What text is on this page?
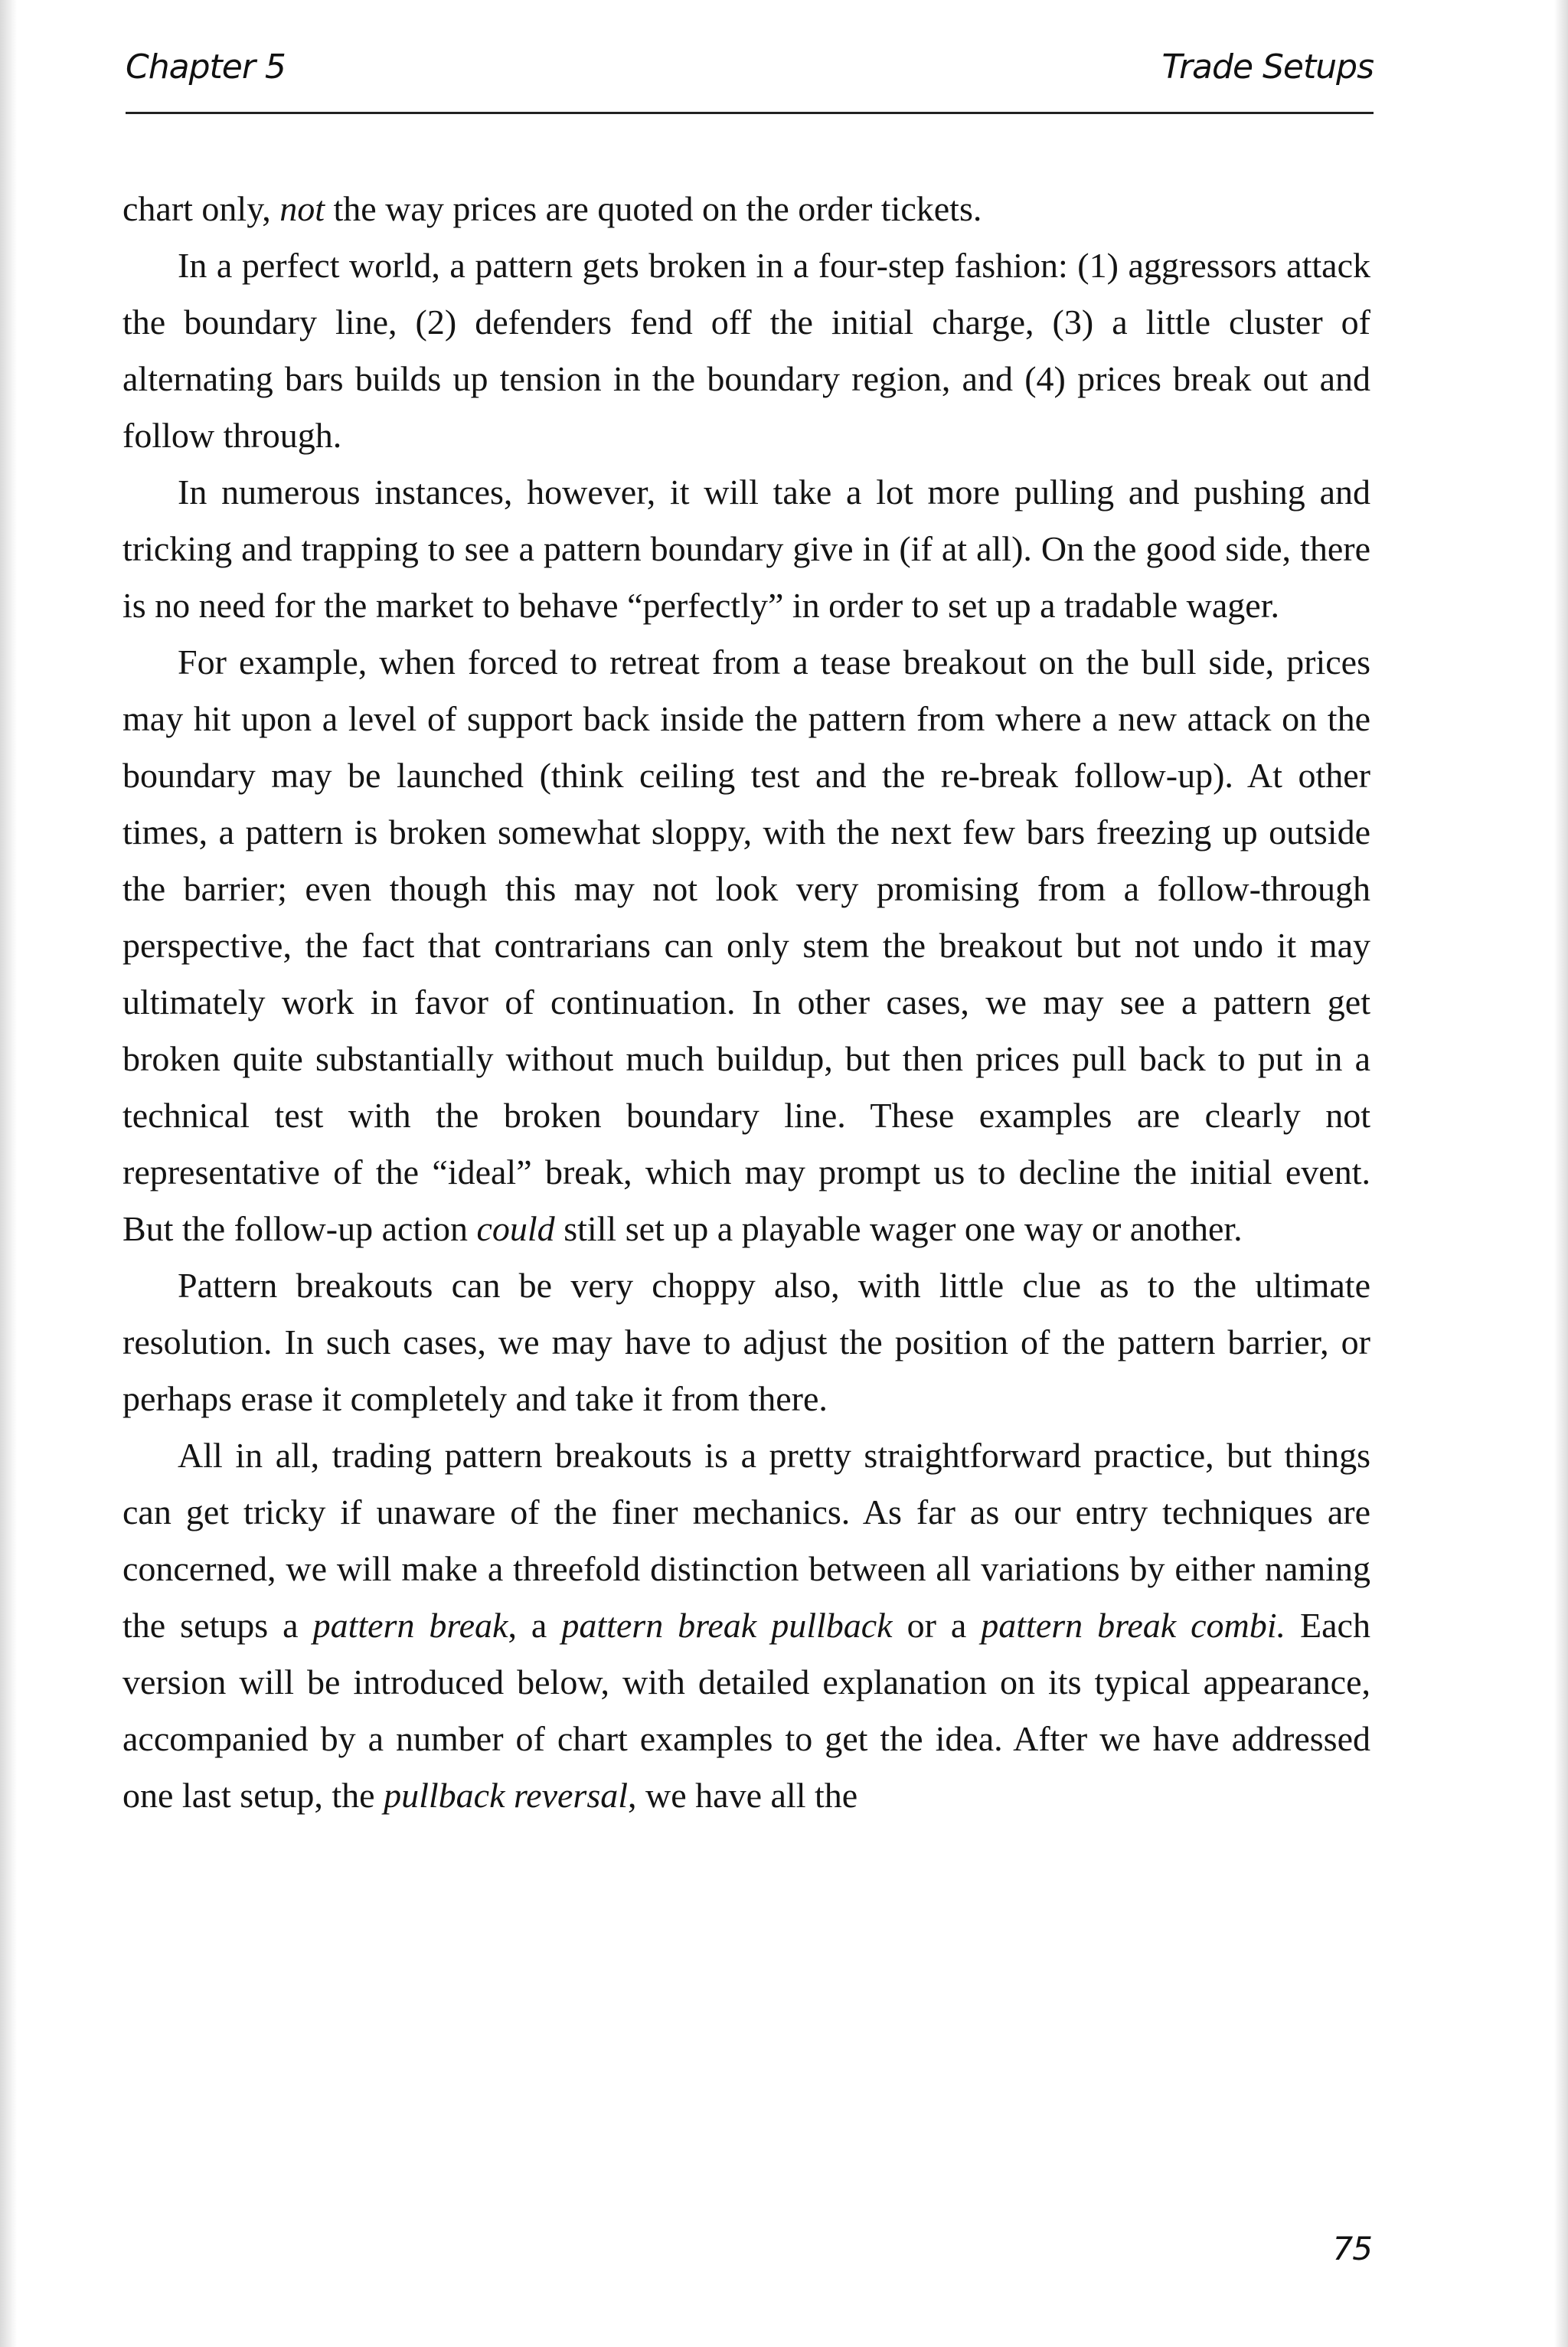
Chapter 5	Trade Setups

chart only, not the way prices are quoted on the order tickets.

In a perfect world, a pattern gets broken in a four-step fashion: (1) aggressors attack the boundary line, (2) defenders fend off the initial charge, (3) a little cluster of alternating bars builds up tension in the boundary region, and (4) prices break out and follow through.

In numerous instances, however, it will take a lot more pulling and pushing and tricking and trapping to see a pattern boundary give in (if at all). On the good side, there is no need for the market to behave “perfectly” in order to set up a tradable wager.

For example, when forced to retreat from a tease breakout on the bull side, prices may hit upon a level of support back inside the pattern from where a new attack on the boundary may be launched (think ceiling test and the re-break follow-up). At other times, a pattern is broken somewhat sloppy, with the next few bars freezing up outside the barrier; even though this may not look very promising from a follow-through perspective, the fact that contrarians can only stem the breakout but not undo it may ultimately work in favor of continuation. In other cases, we may see a pattern get broken quite substantially without much buildup, but then prices pull back to put in a technical test with the broken boundary line. These examples are clearly not representative of the “ideal” break, which may prompt us to decline the initial event. But the follow-up action could still set up a playable wager one way or another.

Pattern breakouts can be very choppy also, with little clue as to the ultimate resolution. In such cases, we may have to adjust the position of the pattern barrier, or perhaps erase it completely and take it from there.

All in all, trading pattern breakouts is a pretty straightforward practice, but things can get tricky if unaware of the finer mechanics. As far as our entry techniques are concerned, we will make a threefold distinction between all variations by either naming the setups a pattern break, a pattern break pullback or a pattern break combi. Each version will be introduced below, with detailed explanation on its typical appearance, accompanied by a number of chart examples to get the idea. After we have addressed one last setup, the pullback reversal, we have all the

75
